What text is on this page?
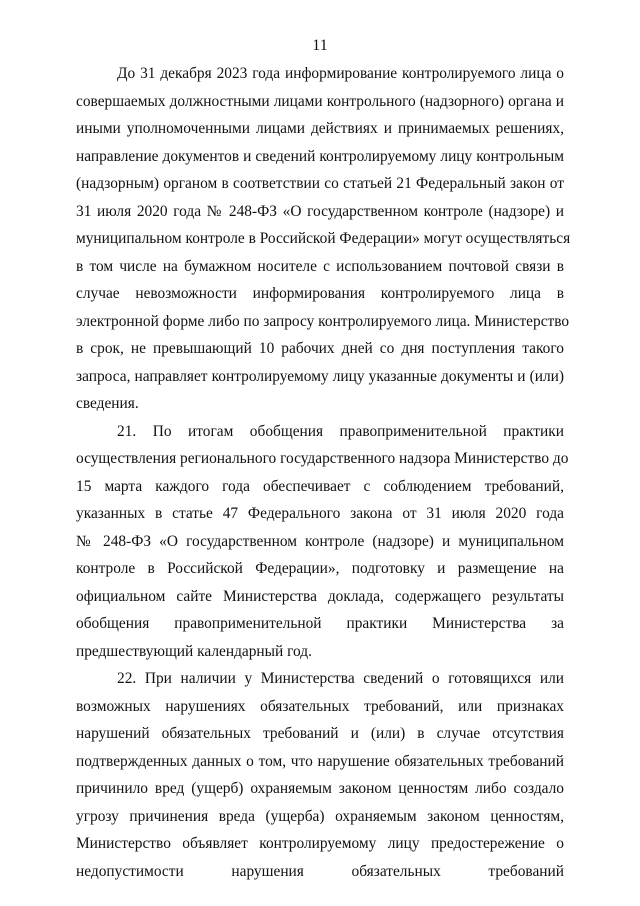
11
До 31 декабря 2023 года информирование контролируемого лица о
совершаемых должностными лицами контрольного (надзорного) органа и
иными уполномоченными лицами действиях и принимаемых решениях,
направление документов и сведений контролируемому лицу контрольным
(надзорным) органом в соответствии со статьей 21 Федеральный закон от
31 июля 2020 года № 248-ФЗ «О государственном контроле (надзоре) и
муниципальном контроле в Российской Федерации» могут осуществляться
в том числе на бумажном носителе с использованием почтовой связи в
случае невозможности информирования контролируемого лица в
электронной форме либо по запросу контролируемого лица. Министерство
в срок, не превышающий 10 рабочих дней со дня поступления такого
запроса, направляет контролируемому лицу указанные документы и (или)
сведения.
21. По итогам обобщения правоприменительной практики
осуществления регионального государственного надзора Министерство до
15 марта каждого года обеспечивает с соблюдением требований,
указанных в статье 47 Федерального закона от 31 июля 2020 года
№ 248-ФЗ «О государственном контроле (надзоре) и муниципальном
контроле в Российской Федерации», подготовку и размещение на
официальном сайте Министерства доклада, содержащего результаты
обобщения правоприменительной практики Министерства за
предшествующий календарный год.
22. При наличии у Министерства сведений о готовящихся или
возможных нарушениях обязательных требований, или признаках
нарушений обязательных требований и (или) в случае отсутствия
подтвержденных данных о том, что нарушение обязательных требований
причинило вред (ущерб) охраняемым законом ценностям либо создало
угрозу причинения вреда (ущерба) охраняемым законом ценностям,
Министерство объявляет контролируемому лицу предостережение о
недопустимости нарушения обязательных требований
